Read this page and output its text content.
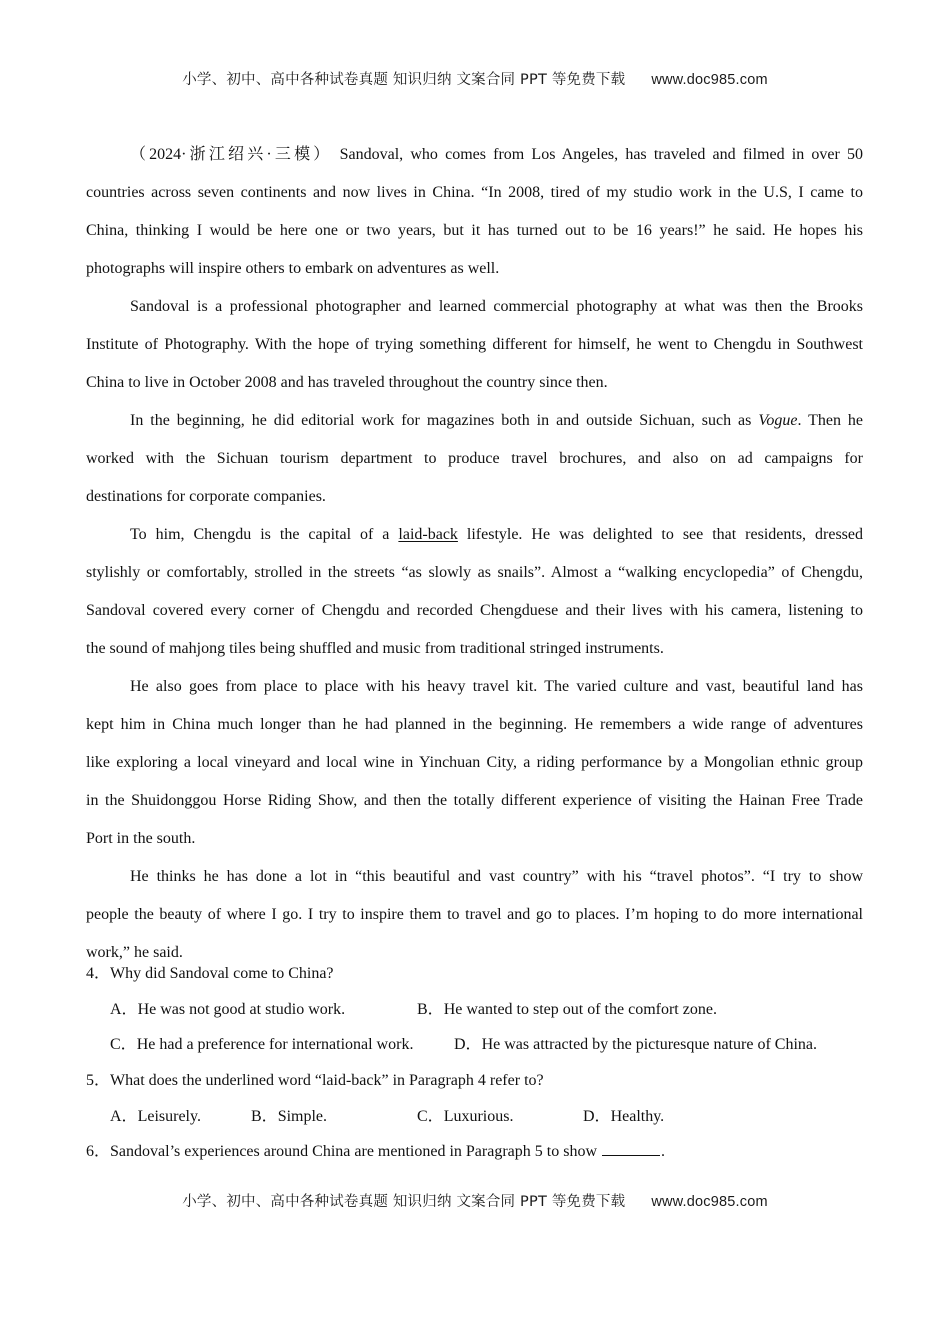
小学、初中、高中各种试卷真题 知识归纳 文案合同 PPT 等免费下载 www.doc985.com
（2024·浙江绍兴·三模） Sandoval, who comes from Los Angeles, has traveled and filmed in over 50
countries across seven continents and now lives in China. “In 2008, tired of my studio work in the U.S, I came to
China, thinking I would be here one or two years, but it has turned out to be 16 years!” he said. He hopes his
photographs will inspire others to embark on adventures as well.
Sandoval is a professional photographer and learned commercial photography at what was then the Brooks
Institute of Photography. With the hope of trying something different for himself, he went to Chengdu in Southwest
China to live in October 2008 and has traveled throughout the country since then.
In the beginning, he did editorial work for magazines both in and outside Sichuan, such as Vogue. Then he
worked with the Sichuan tourism department to produce travel brochures, and also on ad campaigns for
destinations for corporate companies.
To him, Chengdu is the capital of a laid-back lifestyle. He was delighted to see that residents, dressed
stylishly or comfortably, strolled in the streets “as slowly as snails”. Almost a “walking encyclopedia” of Chengdu,
Sandoval covered every corner of Chengdu and recorded Chengduese and their lives with his camera, listening to
the sound of mahjong tiles being shuffled and music from traditional stringed instruments.
He also goes from place to place with his heavy travel kit. The varied culture and vast, beautiful land has
kept him in China much longer than he had planned in the beginning. He remembers a wide range of adventures
like exploring a local vineyard and local wine in Yinchuan City, a riding performance by a Mongolian ethnic group
in the Shuidonggou Horse Riding Show, and then the totally different experience of visiting the Hainan Free Trade
Port in the south.
He thinks he has done a lot in “this beautiful and vast country” with his “travel photos”. “I try to show
people the beauty of where I go. I try to inspire them to travel and go to places. I’m hoping to do more international
work,” he said.
4．Why did Sandoval come to China?
A．He was not good at studio work.	B．He wanted to step out of the comfort zone.
C．He had a preference for international work.	D．He was attracted by the picturesque nature of China.
5．What does the underlined word “laid-back” in Paragraph 4 refer to?
A．Leisurely.	B．Simple.	C．Luxurious.	D．Healthy.
6．Sandoval’s experiences around China are mentioned in Paragraph 5 to show	.
小学、初中、高中各种试卷真题 知识归纳 文案合同 PPT 等免费下载 www.doc985.com
